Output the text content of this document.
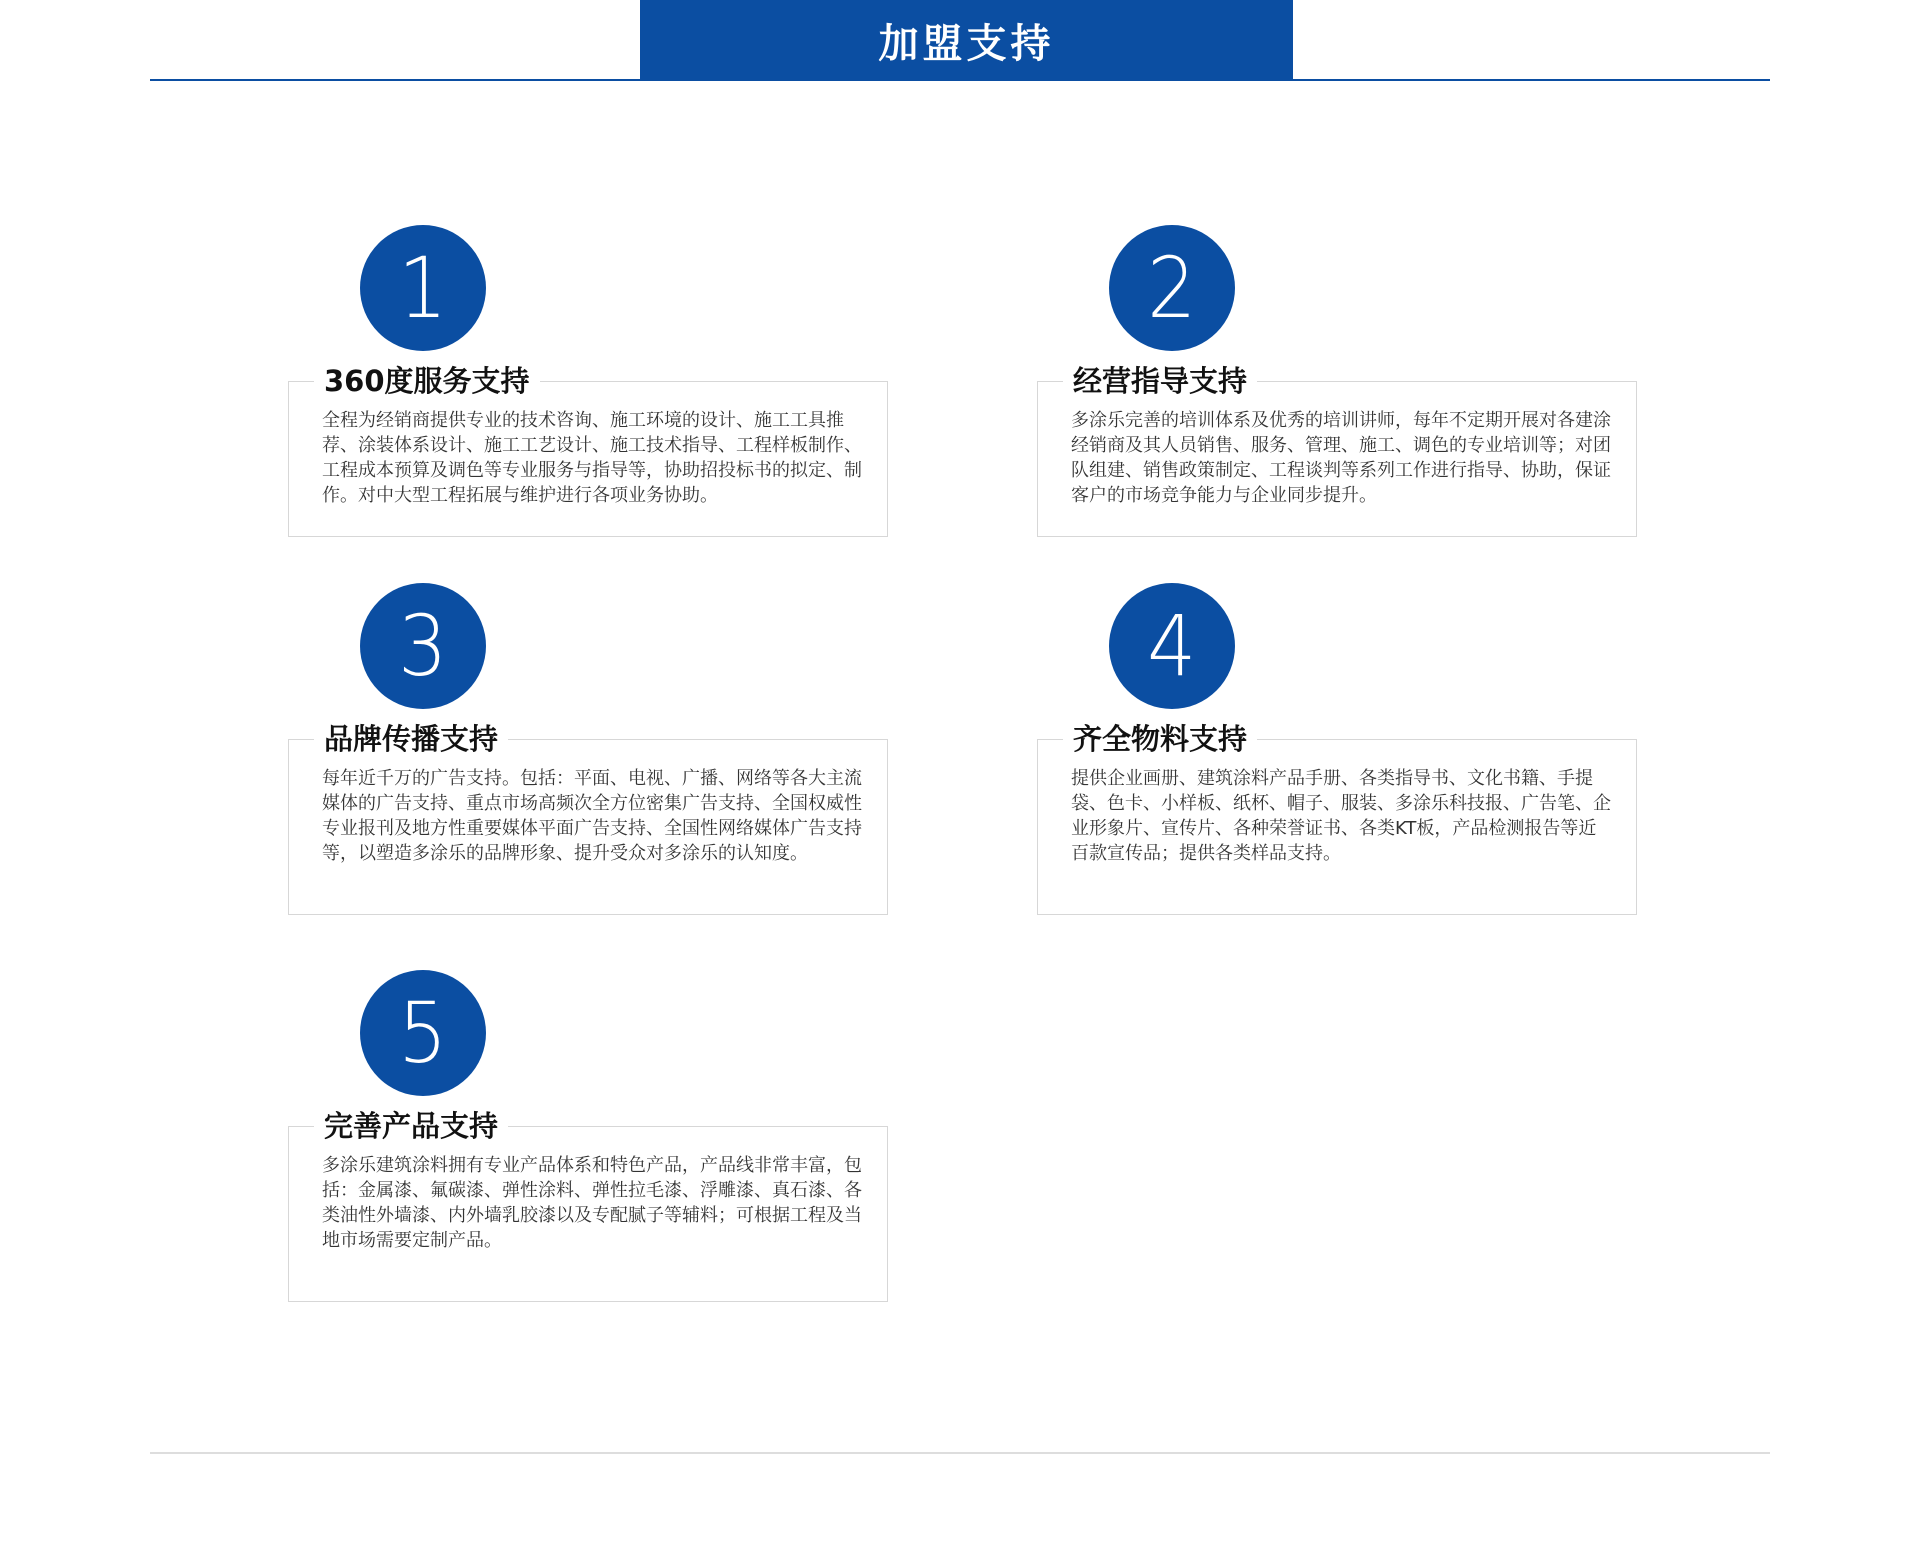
加盟支持
1
360度服务支持
全程为经销商提供专业的技术咨询、施工环境的设计、施工工具推荐、涂装体系设计、施工工艺设计、施工技术指导、工程样板制作、工程成本预算及调色等专业服务与指导等，协助招投标书的拟定、制作。对中大型工程拓展与维护进行各项业务协助。
2
经营指导支持
多涂乐完善的培训体系及优秀的培训讲师，每年不定期开展对各建涂经销商及其人员销售、服务、管理、施工、调色的专业培训等；对团队组建、销售政策制定、工程谈判等系列工作进行指导、协助，保证客户的市场竞争能力与企业同步提升。
3
品牌传播支持
每年近千万的广告支持。包括：平面、电视、广播、网络等各大主流媒体的广告支持、重点市场高频次全方位密集广告支持、全国权威性专业报刊及地方性重要媒体平面广告支持、全国性网络媒体广告支持等，以塑造多涂乐的品牌形象、提升受众对多涂乐的认知度。
4
齐全物料支持
提供企业画册、建筑涂料产品手册、各类指导书、文化书籍、手提袋、色卡、小样板、纸杯、帽子、服装、多涂乐科技报、广告笔、企业形象片、宣传片、各种荣誉证书、各类KT板，产品检测报告等近百款宣传品；提供各类样品支持。
5
完善产品支持
多涂乐建筑涂料拥有专业产品体系和特色产品，产品线非常丰富，包括：金属漆、氟碳漆、弹性涂料、弹性拉毛漆、浮雕漆、真石漆、各类油性外墙漆、内外墙乳胶漆以及专配腻子等辅料；可根据工程及当地市场需要定制产品。
